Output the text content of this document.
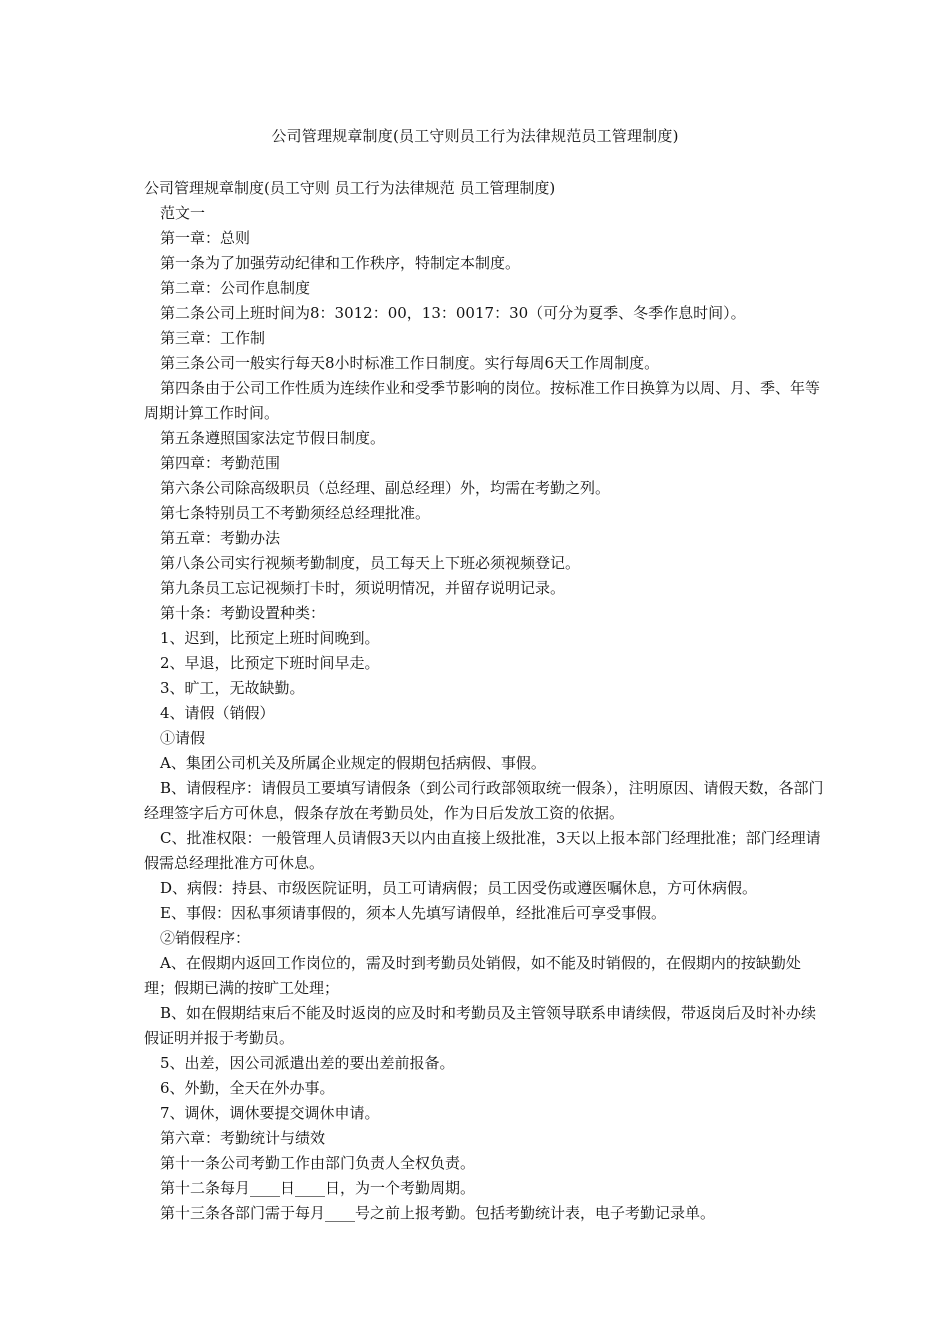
公司管理规章制度(员工守则员工行为法律规范员工管理制度)

公司管理规章制度(员工守则 员工行为法律规范 员工管理制度)

范文一

第一章：总则

第一条为了加强劳动纪律和工作秩序，特制定本制度。

第二章：公司作息制度

第二条公司上班时间为8：3012：00，13：0017：30（可分为夏季、冬季作息时间）。

第三章：工作制

第三条公司一般实行每天8小时标准工作日制度。实行每周6天工作周制度。

第四条由于公司工作性质为连续作业和受季节影响的岗位。按标准工作日换算为以周、月、季、年等周期计算工作时间。

第五条遵照国家法定节假日制度。

第四章：考勤范围

第六条公司除高级职员（总经理、副总经理）外，均需在考勤之列。

第七条特别员工不考勤须经总经理批准。

第五章：考勤办法

第八条公司实行视频考勤制度，员工每天上下班必须视频登记。

第九条员工忘记视频打卡时，须说明情况，并留存说明记录。

第十条：考勤设置种类：

1、迟到，比预定上班时间晚到。

2、早退，比预定下班时间早走。

3、旷工，无故缺勤。

4、请假（销假）

①请假

A、集团公司机关及所属企业规定的假期包括病假、事假。

B、请假程序：请假员工要填写请假条（到公司行政部领取统一假条），注明原因、请假天数，各部门经理签字后方可休息，假条存放在考勤员处，作为日后发放工资的依据。

C、批准权限：一般管理人员请假3天以内由直接上级批准，3天以上报本部门经理批准；部门经理请假需总经理批准方可休息。

D、病假：持县、市级医院证明，员工可请病假；员工因受伤或遵医嘱休息，方可休病假。

E、事假：因私事须请事假的，须本人先填写请假单，经批准后可享受事假。

②销假程序：

A、在假期内返回工作岗位的，需及时到考勤员处销假，如不能及时销假的，在假期内的按缺勤处理；假期已满的按旷工处理；

B、如在假期结束后不能及时返岗的应及时和考勤员及主管领导联系申请续假，带返岗后及时补办续假证明并报于考勤员。

5、出差，因公司派遣出差的要出差前报备。

6、外勤，全天在外办事。

7、调休，调休要提交调休申请。

第六章：考勤统计与绩效

第十一条公司考勤工作由部门负责人全权负责。

第十二条每月____日____日，为一个考勤周期。

第十三条各部门需于每月____号之前上报考勤。包括考勤统计表，电子考勤记录单。
